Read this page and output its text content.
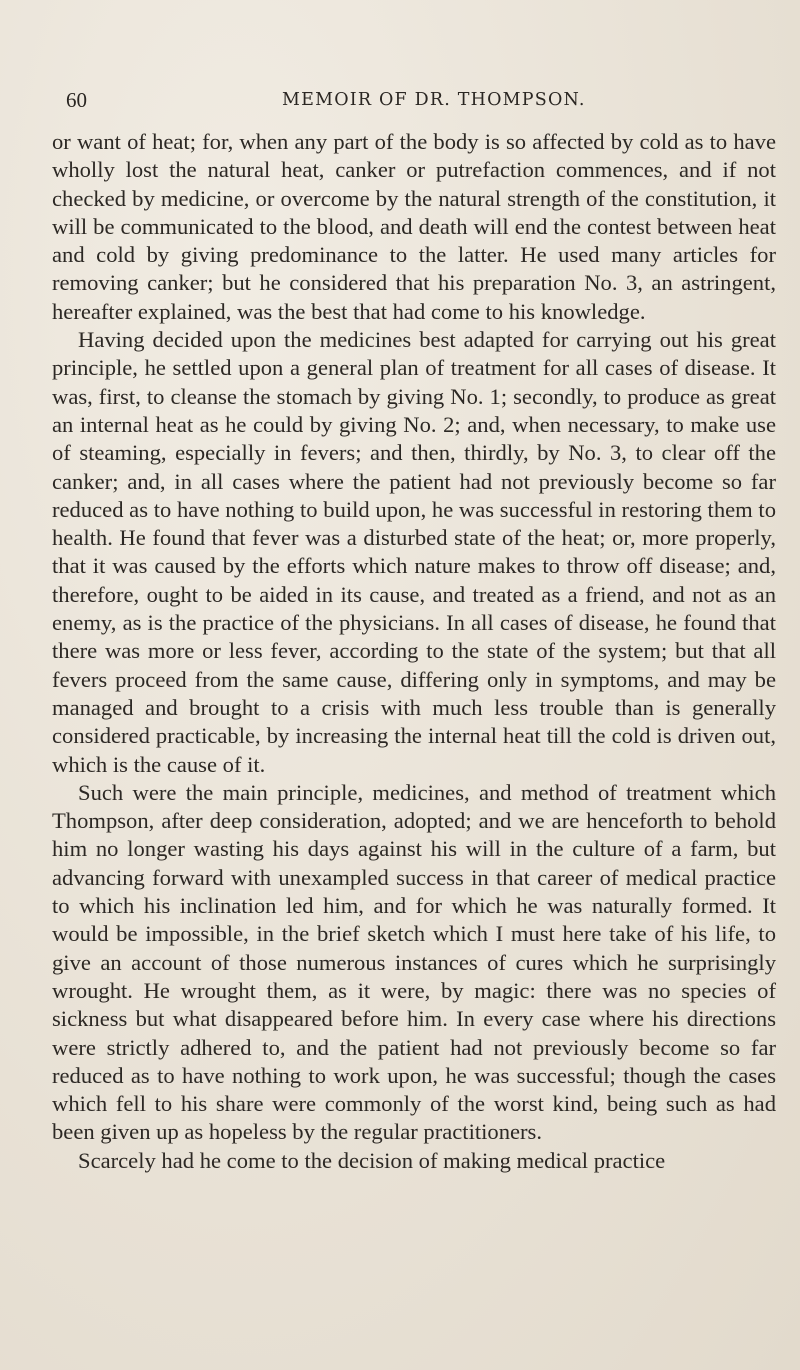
60	MEMOIR OF DR. THOMPSON.

or want of heat; for, when any part of the body is so affected by cold as to have wholly lost the natural heat, canker or putrefaction commences, and if not checked by medicine, or overcome by the natural strength of the constitution, it will be communicated to the blood, and death will end the contest between heat and cold by giving predominance to the latter. He used many articles for removing canker; but he considered that his preparation No. 3, an astringent, hereafter explained, was the best that had come to his knowledge.

Having decided upon the medicines best adapted for carrying out his great principle, he settled upon a general plan of treatment for all cases of disease. It was, first, to cleanse the stomach by giving No. 1; secondly, to produce as great an internal heat as he could by giving No. 2; and, when necessary, to make use of steaming, especially in fevers; and then, thirdly, by No. 3, to clear off the canker; and, in all cases where the patient had not previously become so far reduced as to have nothing to build upon, he was successful in restoring them to health. He found that fever was a disturbed state of the heat; or, more properly, that it was caused by the efforts which nature makes to throw off disease; and, therefore, ought to be aided in its cause, and treated as a friend, and not as an enemy, as is the practice of the physicians. In all cases of disease, he found that there was more or less fever, according to the state of the system; but that all fevers proceed from the same cause, differing only in symptoms, and may be managed and brought to a crisis with much less trouble than is generally considered practicable, by increasing the internal heat till the cold is driven out, which is the cause of it.

Such were the main principle, medicines, and method of treatment which Thompson, after deep consideration, adopted; and we are henceforth to behold him no longer wasting his days against his will in the culture of a farm, but advancing forward with unexampled success in that career of medical practice to which his inclination led him, and for which he was naturally formed. It would be impossible, in the brief sketch which I must here take of his life, to give an account of those numerous instances of cures which he surprisingly wrought. He wrought them, as it were, by magic: there was no species of sickness but what disappeared before him. In every case where his directions were strictly adhered to, and the patient had not previously become so far reduced as to have nothing to work upon, he was successful; though the cases which fell to his share were commonly of the worst kind, being such as had been given up as hopeless by the regular practitioners.

Scarcely had he come to the decision of making medical practice
